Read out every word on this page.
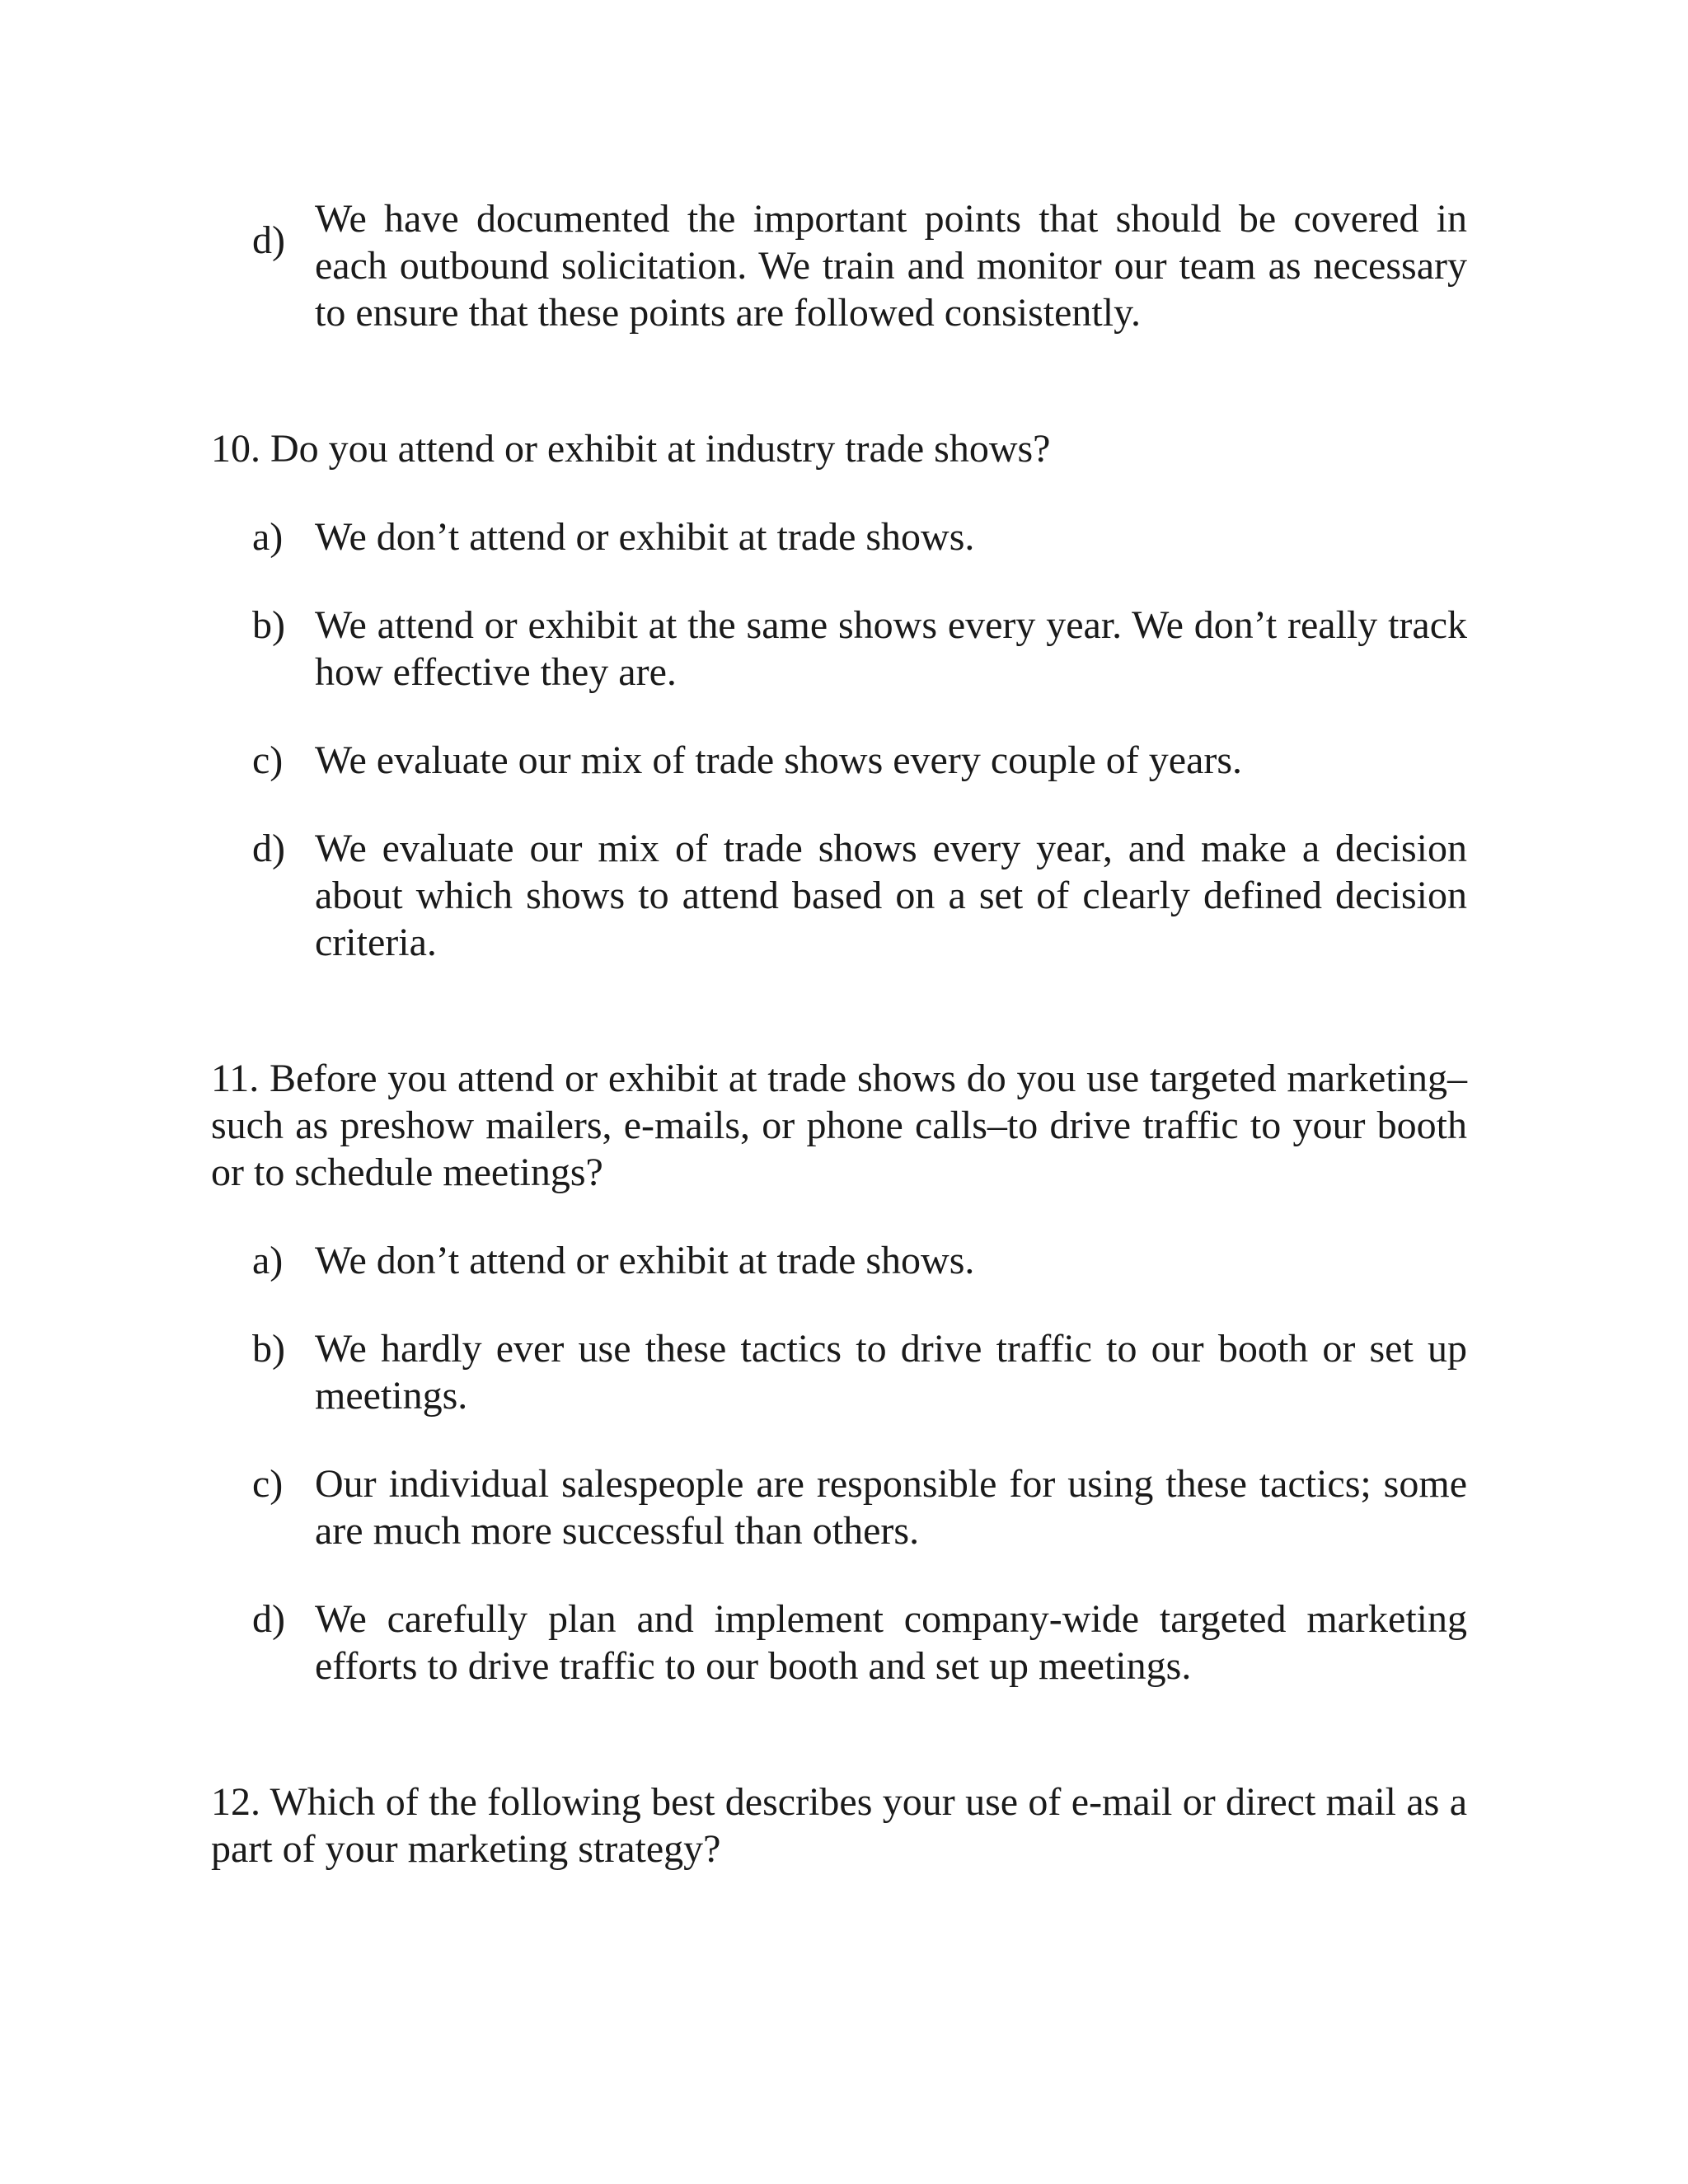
d) We have documented the important points that should be covered in each outbound solicitation. We train and monitor our team as necessary to ensure that these points are followed consistently.
10. Do you attend or exhibit at industry trade shows?
a) We don’t attend or exhibit at trade shows.
b) We attend or exhibit at the same shows every year. We don’t really track how effective they are.
c) We evaluate our mix of trade shows every couple of years.
d) We evaluate our mix of trade shows every year, and make a decision about which shows to attend based on a set of clearly defined decision criteria.
11. Before you attend or exhibit at trade shows do you use targeted marketing–such as preshow mailers, e-mails, or phone calls–to drive traffic to your booth or to schedule meetings?
a) We don’t attend or exhibit at trade shows.
b) We hardly ever use these tactics to drive traffic to our booth or set up meetings.
c) Our individual salespeople are responsible for using these tactics; some are much more successful than others.
d) We carefully plan and implement company-wide targeted marketing efforts to drive traffic to our booth and set up meetings.
12. Which of the following best describes your use of e-mail or direct mail as a part of your marketing strategy?
